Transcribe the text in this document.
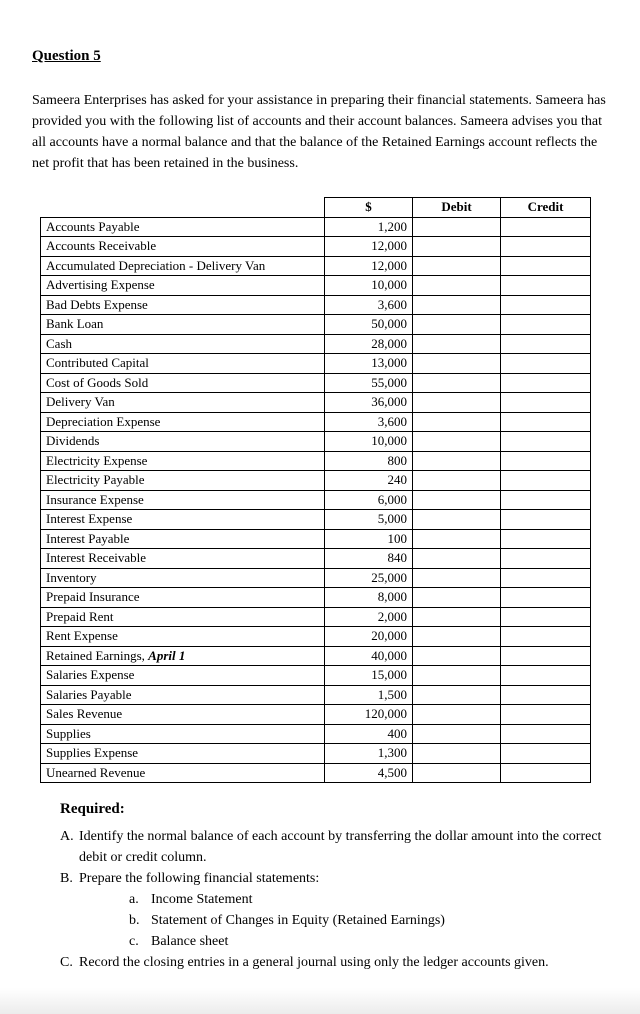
Question 5

Sameera Enterprises has asked for your assistance in preparing their financial statements. Sameera has provided you with the following list of accounts and their account balances. Sameera advises you that all accounts have a normal balance and that the balance of the Retained Earnings account reflects the net profit that has been retained in the business.

	$	Debit	Credit
Accounts Payable	1,200		
Accounts Receivable	12,000		
Accumulated Depreciation - Delivery Van	12,000		
Advertising Expense	10,000		
Bad Debts Expense	3,600		
Bank Loan	50,000		
Cash	28,000		
Contributed Capital	13,000		
Cost of Goods Sold	55,000		
Delivery Van	36,000		
Depreciation Expense	3,600		
Dividends	10,000		
Electricity Expense	800		
Electricity Payable	240		
Insurance Expense	6,000		
Interest Expense	5,000		
Interest Payable	100		
Interest Receivable	840		
Inventory	25,000		
Prepaid Insurance	8,000		
Prepaid Rent	2,000		
Rent Expense	20,000		
Retained Earnings, April 1	40,000		
Salaries Expense	15,000		
Salaries Payable	1,500		
Sales Revenue	120,000		
Supplies	400		
Supplies Expense	1,300		
Unearned Revenue	4,500		
Required:
A. Identify the normal balance of each account by transferring the dollar amount into the correct debit or credit column.
B. Prepare the following financial statements:
a. Income Statement
b. Statement of Changes in Equity (Retained Earnings)
c. Balance sheet
C. Record the closing entries in a general journal using only the ledger accounts given.
